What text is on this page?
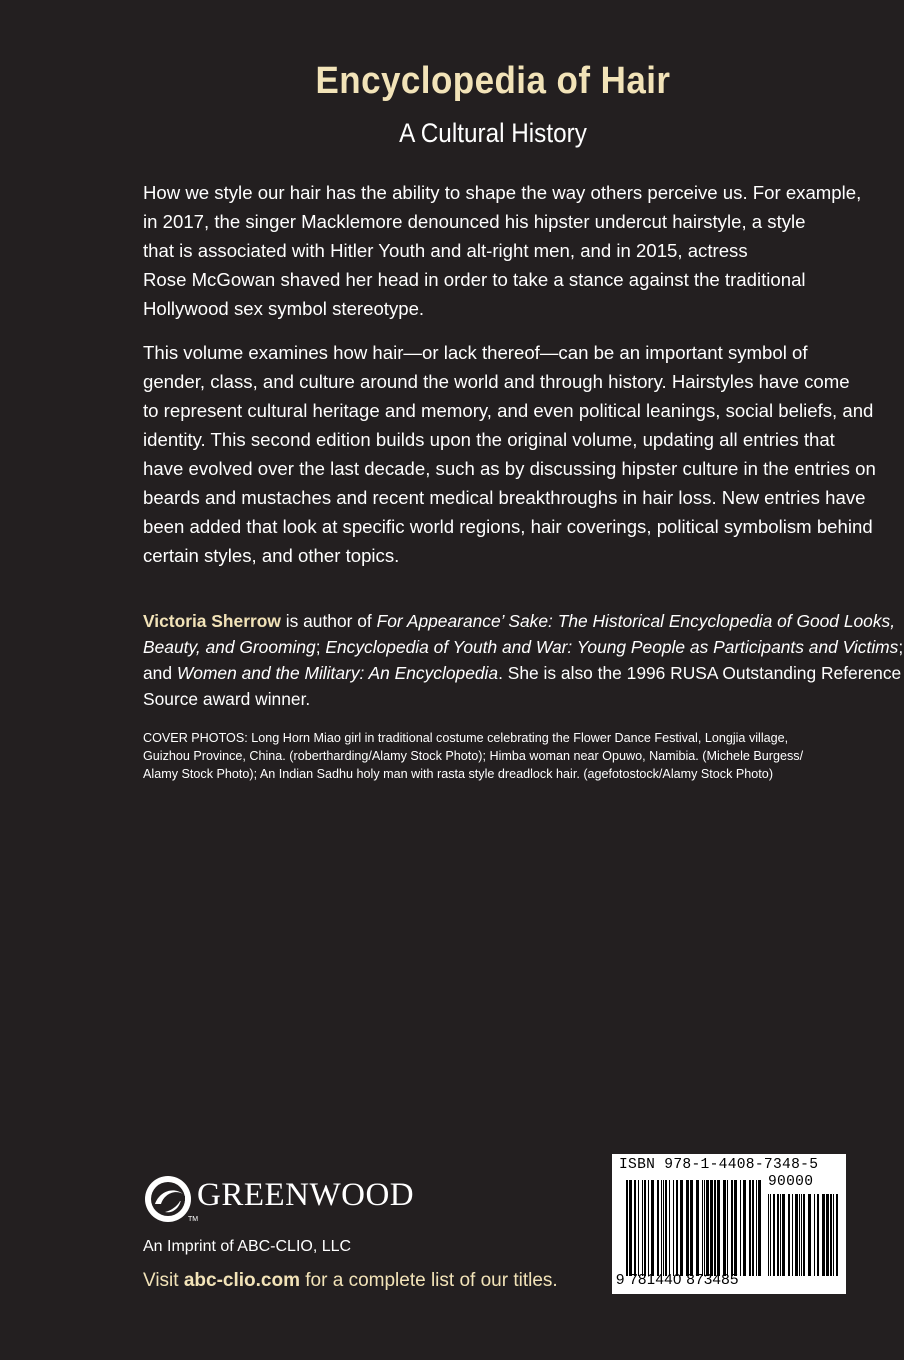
Encyclopedia of Hair
A Cultural History

How we style our hair has the ability to shape the way others perceive us. For example,
in 2017, the singer Macklemore denounced his hipster undercut hairstyle, a style
that is associated with Hitler Youth and alt-right men, and in 2015, actress
Rose McGowan shaved her head in order to take a stance against the traditional
Hollywood sex symbol stereotype.

This volume examines how hair—or lack thereof—can be an important symbol of
gender, class, and culture around the world and through history. Hairstyles have come
to represent cultural heritage and memory, and even political leanings, social beliefs, and
identity. This second edition builds upon the original volume, updating all entries that
have evolved over the last decade, such as by discussing hipster culture in the entries on
beards and mustaches and recent medical breakthroughs in hair loss. New entries have
been added that look at specific world regions, hair coverings, political symbolism behind
certain styles, and other topics.

Victoria Sherrow is author of For Appearance’ Sake: The Historical Encyclopedia of Good Looks,
Beauty, and Grooming; Encyclopedia of Youth and War: Young People as Participants and Victims;
and Women and the Military: An Encyclopedia. She is also the 1996 RUSA Outstanding Reference
Source award winner.

COVER PHOTOS: Long Horn Miao girl in traditional costume celebrating the Flower Dance Festival, Longjia village,
Guizhou Province, China. (robertharding/Alamy Stock Photo); Himba woman near Opuwo, Namibia. (Michele Burgess/
Alamy Stock Photo); An Indian Sadhu holy man with rasta style dreadlock hair. (agefotostock/Alamy Stock Photo)

GREENWOOD
TM
An Imprint of ABC-CLIO, LLC
Visit abc-clio.com for a complete list of our titles.
ISBN 978-1-4408-7348-5
90000
9 781440 873485
